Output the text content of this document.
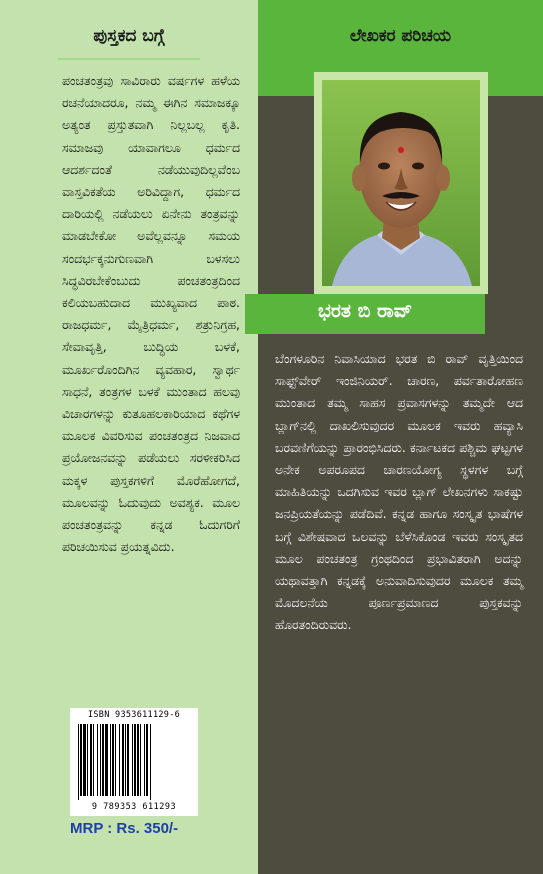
ಪುಸ್ತಕದ ಬಗ್ಗೆ

ಪಂಚತಂತ್ರವು ಸಾವಿರಾರು ವರ್ಷಗಳ ಹಳೆಯ ರಚನೆಯಾದರೂ, ನಮ್ಮ ಈಗಿನ ಸಮಾಜಕ್ಕೂ ಅತ್ಯಂತ ಪ್ರಸ್ತುತವಾಗಿ ನಿಲ್ಲಬಲ್ಲ ಕೃತಿ. ಸಮಾಜವು ಯಾವಾಗಲೂ ಧರ್ಮದ ಆದರ್ಶದಂತೆ ನಡೆಯುವುದಿಲ್ಲವೆಂಬ ವಾಸ್ತವಿಕತೆಯ ಅರಿವಿದ್ದಾಗ, ಧರ್ಮದ ದಾರಿಯಲ್ಲಿ ನಡೆಯಲು ಏನೇನು ತಂತ್ರವನ್ನು ಮಾಡಬೇಕೋ ಅವೆಲ್ಲವನ್ನೂ ಸಮಯ ಸಂದರ್ಭಕ್ಕನುಗುಣವಾಗಿ ಬಳಸಲು ಸಿದ್ಧವಿರಬೇಕೆಂಬುದು ಪಂಚತಂತ್ರದಿಂದ ಕಲಿಯಬಹುದಾದ ಮುಖ್ಯವಾದ ಪಾಠ. ರಾಜಧರ್ಮ, ಮೈತ್ರಿಧರ್ಮ, ಶತ್ರುನಿಗ್ರಹ, ಸೇವಾವೃತ್ತಿ, ಬುದ್ಧಿಯ ಬಳಕೆ, ಮೂರ್ಖರೊಂದಿಗಿನ ವ್ಯವಹಾರ, ಸ್ವಾರ್ಥ ಸಾಧನೆ, ತಂತ್ರಗಳ ಬಳಕೆ ಮುಂತಾದ ಹಲವು ವಿಚಾರಗಳನ್ನು ಕುತೂಹಲಕಾರಿಯಾದ ಕಥೆಗಳ ಮೂಲಕ ವಿವರಿಸುವ ಪಂಚತಂತ್ರದ ನಿಜವಾದ ಪ್ರಯೋಜನವನ್ನು ಪಡೆಯಲು ಸರಳೀಕರಿಸಿದ ಮಕ್ಕಳ ಪುಸ್ತಕಗಳಿಗೆ ಮೊರೆಹೋಗದೆ, ಮೂಲವನ್ನು ಓದುವುದು ಅವಶ್ಯಕ. ಮೂಲ ಪಂಚತಂತ್ರವನ್ನು ಕನ್ನಡ ಓದುಗರಿಗೆ ಪರಿಚಯಿಸುವ ಪ್ರಯತ್ನವಿದು.

ISBN 9353611129-6
9 789353 611293
MRP : Rs. 350/-
ಲೇಖಕರ ಪರಿಚಯ
ಭರತ ಬಿ ರಾವ್

ಬೆಂಗಳೂರಿನ ನಿವಾಸಿಯಾದ ಭರತ ಬಿ ರಾವ್ ವೃತ್ತಿಯಿಂದ ಸಾಫ್ಟ್‌ವೇರ್ ಇಂಜಿನಿಯರ್. ಚಾರಣ, ಪರ್ವತಾರೋಹಣ ಮುಂತಾದ ತಮ್ಮ ಸಾಹಸ ಪ್ರವಾಸಗಳನ್ನು ತಮ್ಮದೇ ಆದ ಬ್ಲಾಗ್‌ನಲ್ಲಿ ದಾಖಲಿಸುವುದರ ಮೂಲಕ ಇವರು ಹವ್ಯಾಸಿ ಬರವಣಿಗೆಯನ್ನು ಪ್ರಾರಂಭಿಸಿದರು. ಕರ್ನಾಟಕದ ಪಶ್ಚಿಮ ಘಟ್ಟಗಳ ಅನೇಕ ಅಪರೂಪದ ಚಾರಣಯೋಗ್ಯ ಸ್ಥಳಗಳ ಬಗ್ಗೆ ಮಾಹಿತಿಯನ್ನು ಒದಗಿಸುವ ಇವರ ಬ್ಲಾಗ್ ಲೇಖನಗಳು ಸಾಕಷ್ಟು ಜನಪ್ರಿಯತೆಯನ್ನು ಪಡೆದಿವೆ. ಕನ್ನಡ ಹಾಗೂ ಸಂಸ್ಕೃತ ಭಾಷೆಗಳ ಬಗ್ಗೆ ವಿಶೇಷವಾದ ಒಲವನ್ನು ಬೆಳೆಸಿಕೊಂಡ ಇವರು ಸಂಸ್ಕೃತದ ಮೂಲ ಪಂಚತಂತ್ರ ಗ್ರಂಥದಿಂದ ಪ್ರಭಾವಿತರಾಗಿ ಅದನ್ನು ಯಥಾವತ್ತಾಗಿ ಕನ್ನಡಕ್ಕೆ ಅನುವಾದಿಸುವುದರ ಮೂಲಕ ತಮ್ಮ ಮೊದಲನೆಯ ಪೂರ್ಣಪ್ರಮಾಣದ ಪುಸ್ತಕವನ್ನು ಹೊರತಂದಿರುವರು.
